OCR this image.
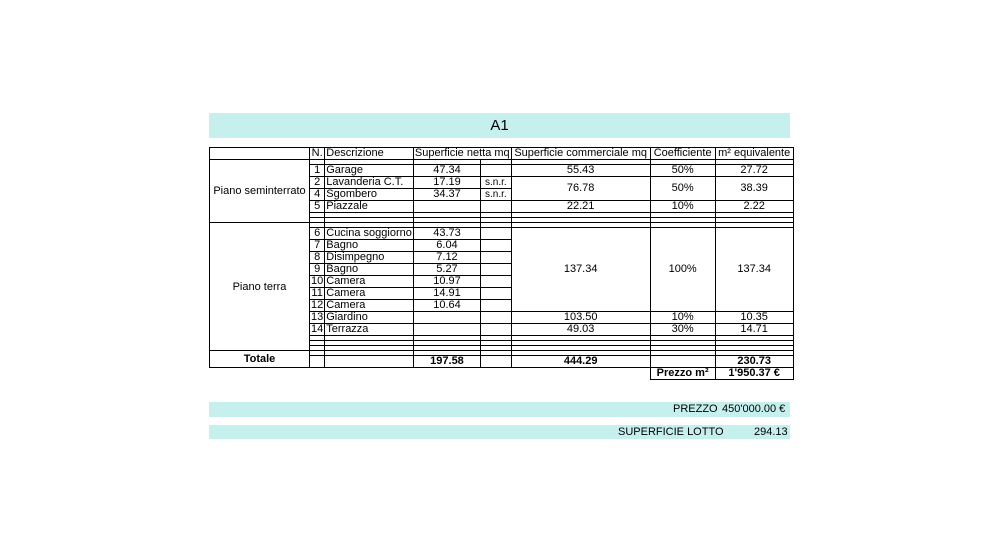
A1
	N.	Descrizione	Superficie netta mq		Superficie commerciale mq	Coefficiente	m² equivalente
Piano seminterrato							
	1	Garage	47.34		55.43	50%	27.72
	2	Lavanderia C.T.	17.19	s.n.r.	76.78	50%	38.39
	4	Sgombero	34.37	s.n.r.			
	5	Piazzale			22.21	10%	2.22

Piano terra							
	6	Cucina soggiorno	43.73		137.34	100%	137.34
	7	Bagno	6.04				
	8	Disimpegno	7.12				
	9	Bagno	5.27				
	10	Camera	10.97				
	11	Camera	14.91				
	12	Camera	10.64				
	13	Giardino			103.50	10%	10.35
	14	Terrazza			49.03	30%	14.71

Totale							
			197.58		444.29		230.73
						Prezzo m²	1'950.37 €
PREZZO 450'000.00 €
SUPERFICIE LOTTO	294.13
